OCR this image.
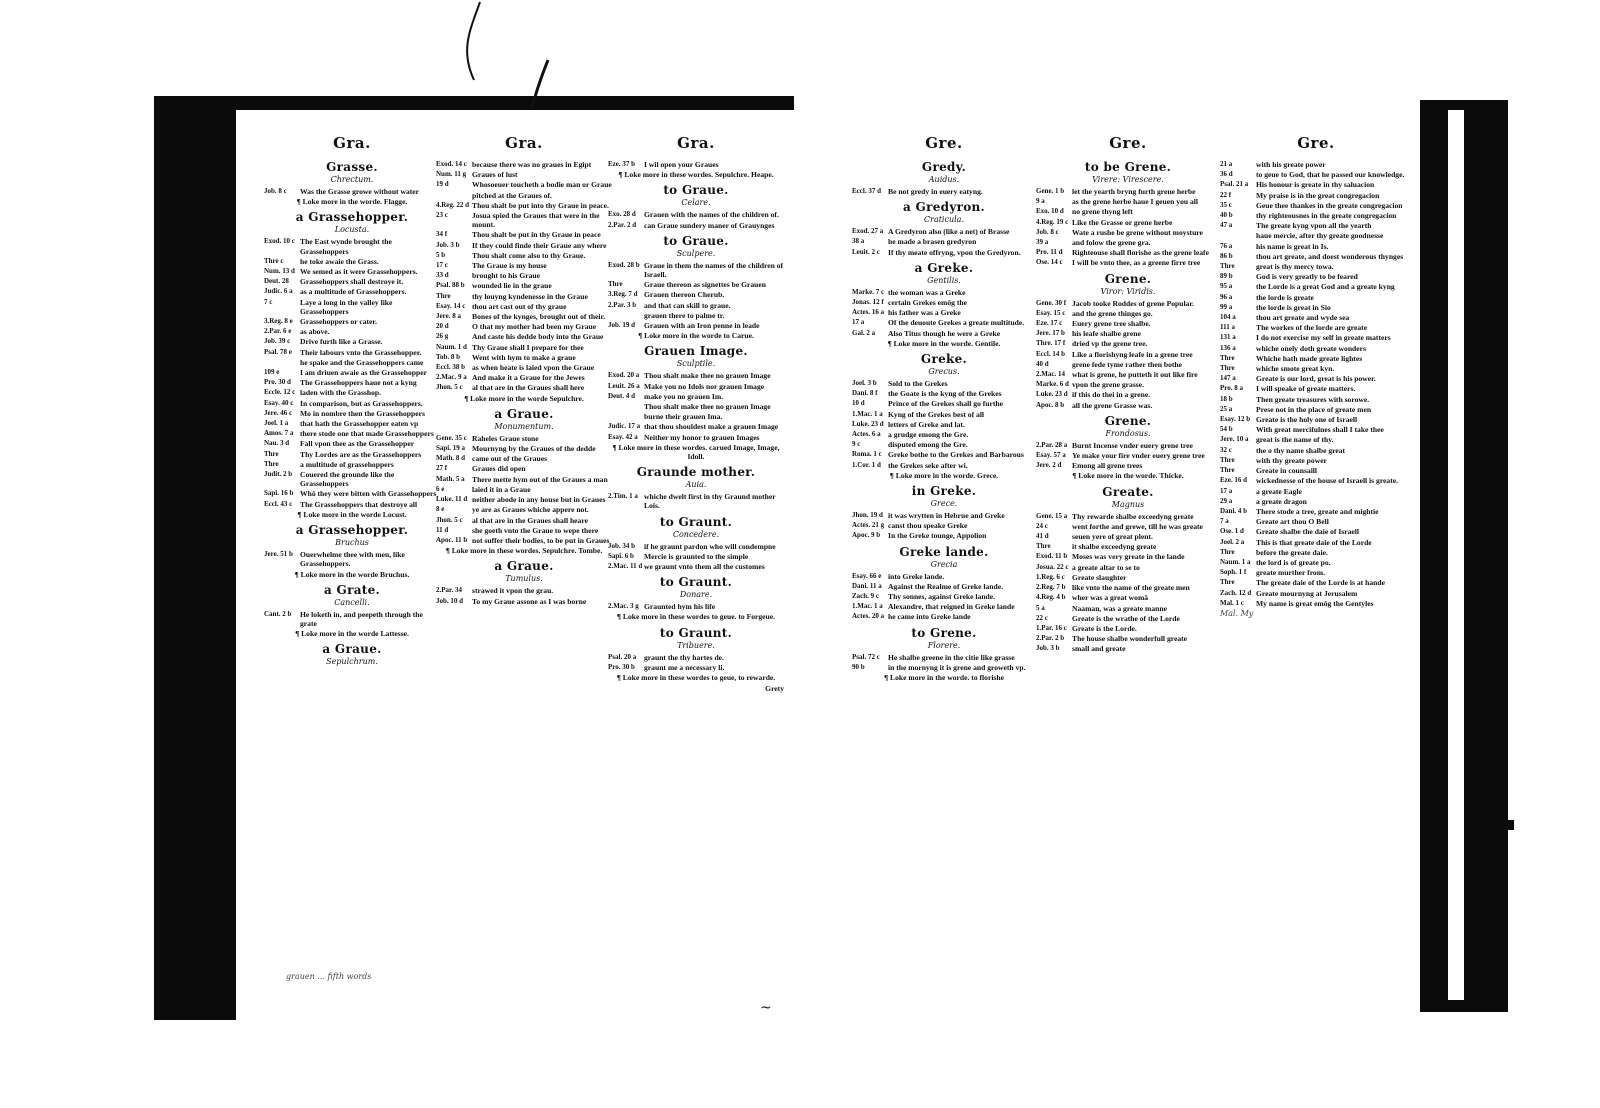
Gra.
Grasse.
Chrectum.
Job. 8 c	Was the Grasse growe without water
¶ Loke more in the worde. Flagge.
a Grassehopper.
Locusta.
Exod. 10 c The East wynde brought the Grassehoppers
Thre c	he toke awaie the Grass.
Num. 13 d We semed as it were Grassehoppers.
Deut. 28	Grassehoppers shall destroye it.
Judic. 6 a as a multitude of Grassehoppers.
7 c	Laye a long in the valley like Grassehoppers
3.Reg. 8 e Grassehoppers or cater.
2.Par. 6 e	as above.
Job. 39 c	Drive furth like a Grasse.
Psal. 78 e	Their labours vnto the Grassehopper.
he spake and the Grassehoppers came
109 e	I am driuen awaie as the Grassehopper
Pro. 30 d	The Grassehoppers haue not a kyng
Eccle. 12 c laden with the Grasshop.
Esay. 40 c In comparison, but as Grassehoppers.
Jere. 46 c	Mo in nombre then the Grassehoppers
Joel. 1 a	that hath the Grassehopper eaten vp
Amos. 7 a there stode one that made Grassehoppers
Nau. 3 d	Fall vpon thee as the Grassehopper
Thre	Thy Lordes are as the Grassehoppers
Thre	a multitude of grassehoppers
Judit. 2 b	Couered the grounde like the Grassehoppers
Sapi. 16 b Whô they were bitten with Grassehoppers
Eccl. 43 c	The Grassehoppers that destroye all
¶ Loke more in the worde Locust.
a Grassehopper.
Bruchus
Jere. 51 b Ouerwhelme thee with men, like Grassehoppers.
¶ Loke more in the worde Bruchus.
a Grate.
Cancelli.
Cant. 2 b	He loketh in, and peepeth through the grate
¶ Loke more in the worde Lattesse.
a Graue.
Sepulchrum.
Gra.
Exod. 14 c because there was no graues in Egipt
Num. 11 g Graues of lust
19 d	Whosoeuer toucheth a bodie man or Graue
pitched at the Graues of.
4.Reg. 22 d Thou shalt be put into thy Graue in peace.
23 c	Josua spied the Graues that were in the mount.
34 f	Thou shalt be put in thy Graue in peace
Job. 3 b	If they could finde their Graue any where
5 b	Thou shalt come also to thy Graue.
17 c	The Graue is my house
33 d	brought to his Graue
Psal. 88 b wounded lie in the graue
Thre	thy louyng kyndenesse in the Graue
Esay. 14 c thou art cast out of thy graue
Jere. 8 a	Bones of the kynges, brought out of their.
20 d	O that my mother had been my Graue
26 g	And caste his dedde body into the Graue
Naum. 1 d Thy Graue shall I prepare for thee
Tob. 8 b	Went with hym to make a graue
Eccl. 38 b as when heate is laied vpon the Graue
2.Mac. 9 a And make it a Graue for the Jewes
Jhon. 5 c	al that are in the Graues shall here
¶ Loke more in the worde Sepulchre.
a Graue.
Monumentum.
Gene. 35 c Raheles Graue stone
Sapi. 19 a Mournyng by the Graues of the dedde
Math. 8 d came out of the Graues
27 f	Graues did open
Math. 5 a There mette hym out of the Graues a man
6 e	laied it in a Graue
Luke. 11 d neither abode in any house but in Graues
8 e	ye are as Graues whiche appere not.
Jhon. 5 c	al that are in the Graues shall heare
11 d	she goeth vnto the Graue to wepe there
Apoc. 11 b not suffer their bodies, to be put in Graues
¶ Loke more in these wordes. Sepulchre. Tombe.
a Graue.
Tumulus.
2.Par. 34	strawed it vpon the grau.
Job. 10 d	To my Graue assone as I was borne
Gra.
Eze. 37 b	I wil open your Graues
¶ Loke more in these wordes. Sepulchre. Heape.
to Graue.
Celare.
Exo. 28 d	Grauen with the names of the children of.
2.Par. 2 d	can Graue sundery maner of Grauynges
to Graue.
Sculpere.
Exod. 28 b Graue in them the names of the children of Israell.
Thre	Graue thereon as signettes be Grauen
3.Reg. 7 d Grauen thereon Cherub.
2.Par. 3 b	and that can skill to graue.
grauen there to palme tr.
Job. 19 d	Grauen with an Iron penne in leade
¶ Loke more in the worde to Carue.
Grauen Image.
Sculptile.
Exod. 20 a Thou shalt make thee no grauen Image
Leuit. 26 a Make you no Idols nor grauen Image
Deut. 4 d	make you no grauen Im.
Thou shalt make thee no grauen Image
burne their grauen Ima.
Judic. 17 a that thou shouldest make a grauen Image
Esay. 42 a Neither my honor to grauen Images
¶ Loke more in these wordes. carued Image, Image, Idoll.
Graunde mother.
Auia.
2.Tim. 1 a whiche dwelt first in thy Graund mother Lois.
to Graunt.
Concedere.
Job. 34 b	if he graunt pardon who will condempne
Sapi. 6 b	Mercie is graunted to the simple
2.Mac. 11 d we graunt vnto them all the customes
to Graunt.
Donare.
2.Mac. 3 g Graunted hym his life
¶ Loke more in these wordes to geue. to Forgeue.
to Graunt.
Tribuere.
Psal. 20 a	graunt the thy hartes de.
Pro. 30 b	graunt me a necessary li.
¶ Loke more in these wordes to geue, to rewarde.
Grety
grauen ... fifth words
Gre.
Gredy.
Auidus.
Eccl. 37 d Be not gredy in euery eatyng.
a Gredyron.
Craticula.
Exod. 27 a A Gredyron also (like a net) of Brasse
38 a	he made a brasen gredyron
Leuit. 2 c	If thy meate offryng, vpon the Gredyron.
a Greke.
Gentilis.
Marke. 7 c the woman was a Greke
Jonas. 12 f certain Grekes emôg the
Actes. 16 a his father was a Greke
17 a	Of the deuoute Grekes a greate multitude.
Gal. 2 a	Also Titus though he were a Greke
¶ Loke more in the worde. Gentile.
Greke.
Grecus.
Joel. 3 b	Sold to the Grekes
Dani. 8 f	the Goate is the kyng of the Grekes
10 d	Prince of the Grekes shall go furthe
1.Mac. 1 a Kyng of the Grekes best of all
Luke. 23 d letters of Greke and lat.
Actes. 6 a a grudge emong the Gre.
9 c	disputed emong the Gre.
Roma. 1 c Greke bothe to the Grekes and Barbarous
1.Cor. 1 d the Grekes seke after wi.
¶ Loke more in the worde. Grece.
in Greke.
Grece.
Jhon. 19 d it was wrytten in Hebrue and Greke
Actes. 21 g canst thou speake Greke
Apoc. 9 b	In the Greke tounge, Appolion
Greke lande.
Grecia
Esay. 66 e into Greke lande.
Dani. 11 a Against the Realme of Greke lande.
Zach. 9 c	Thy sonnes, against Greke lande.
1.Mac. 1 a Alexandre, that reigned in Greke lande
Actes. 20 a he came into Greke lande
to Grene.
Florere.
Psal. 72 c	He shalbe greene in the citie like grasse
90 b	in the mornyng it is grene and groweth vp.
¶ Loke more in the worde. to florishe
Gre.
to be Grene.
Virere: Virescere.
Gene. 1 b	let the yearth bryng furth grene herbe
9 a	as the grene herbe haue I geuen you all
Exo. 10 d	no grene thyng left
4.Reg. 19 c Like the Grasse or grene herbe
Job. 8 c	Wate a rushe be grene without moysture
39 a	and folow the grene gra.
Pro. 11 d	Righteouse shall florishe as the grene leafe
Ose. 14 c	I will be vnto thee, as a greene firre tree
Grene.
Viror: Viridis.
Gene. 30 f Jacob tooke Roddes of grene Popular.
Esay. 15 c and the grene thinges go.
Eze. 17 c	Euery grene tree shalbe.
Jere. 17 b his leafe shalbe grene
Thre. 17 f dried vp the grene tree.
Eccl. 14 b Like a florishyng leafe in a grene tree
40 d	grene fede tyme rather then bothe
2.Mac. 14 what is grene, he putteth it out like fire
Marke. 6 d vpon the grene grasse.
Luke. 23 d if this do thei in a grene.
Apoc. 8 b	all the grene Grasse was.
Grene.
Frondosus.
2.Par. 28 a Burnt Incense vnder euery grene tree
Esay. 57 a Ye make your fire vnder euery grene tree
Jere. 2 d	Emong all grene trees
¶ Loke more in the worde. Thicke.
Greate.
Magnus
Gene. 15 a Thy rewarde shalbe exceedyng greate
24 c	went forthe and grewe, till he was greate
41 d	seuen yere of great plent.
Thre	it shalbe exceedyng greate
Exod. 11 b Moses was very greate in the lande
Josua. 22 c a greate altar to se to
1.Reg. 6 c Greate slaughter
2.Reg. 7 b like vnto the name of the greate men
4.Reg. 4 b wher was a great womâ
5 a	Naaman, was a greate manne
22 c	Greate is the wrathe of the Lorde
1.Par. 16 c Greate is the Lorde.
2.Par. 2 b	The house shalbe wonderfull greate
Job. 3 b	small and greate
Gre.
21 a	with his greate power
36 d	to geue to God, that he passed our knowledge.
Psal. 21 a	His honour is greate in thy saluacion
22 f	My praise is in the great congregacion
35 c	Geue thee thankes in the greate congregacion
40 b	thy righteousnes in the greate congregacion
47 a	The greate kyng vpon all the yearth
haue mercie, after thy greate goodnesse
76 a	his name is great in Is.
86 b	thou art greate, and doest wonderous thynges
Thre	great is thy mercy towa.
89 b	God is very greatly to be feared
95 a	the Lorde is a great God and a greate kyng
96 a	the lorde is greate
99 a	the lorde is great in Sio
104 a	thou art greate and wyde sea
111 a	The workes of the lorde are greate
131 a	I do not exercise my self in greate matters
136 a	whiche onely doth greate wonders
Thre	Whiche hath made greate lightes
Thre	whiche smote great kyn.
147 a	Greate is our lord, great is his power.
Pro. 8 a	I will speake of greate matters.
18 b	Then greate treasures with sorowe.
25 a	Prese not in the place of greate men
Esay. 12 b Greate is the holy one of Israell
54 b	With great mercifulnes shall I take thee
Jere. 10 a great is the name of thy.
32 c	the o thy name shalbe great
Thre	with thy greate power
Thre	Greate in counsaill
Eze. 16 d	wickednesse of the house of Israell is greate.
17 a	a greate Eagle
29 a	a greate dragon
Dani. 4 b	There stode a tree, greate and mightie
7 a	Greate art thou O Bell
Ose. 1 d	Greate shalbe the daie of Israell
Joel. 2 a	This is that greate daie of the Lorde
Thre	before the greate daie.
Naum. 1 a the lord is of greate po.
Soph. 1 f	greate murther from.
Thre	The greate daie of the Lorde is at hande
Zach. 12 d Greate mournyng at Jerusalem
Mal. 1 c	My name is great emôg the Gentyles
Mal. My
~
